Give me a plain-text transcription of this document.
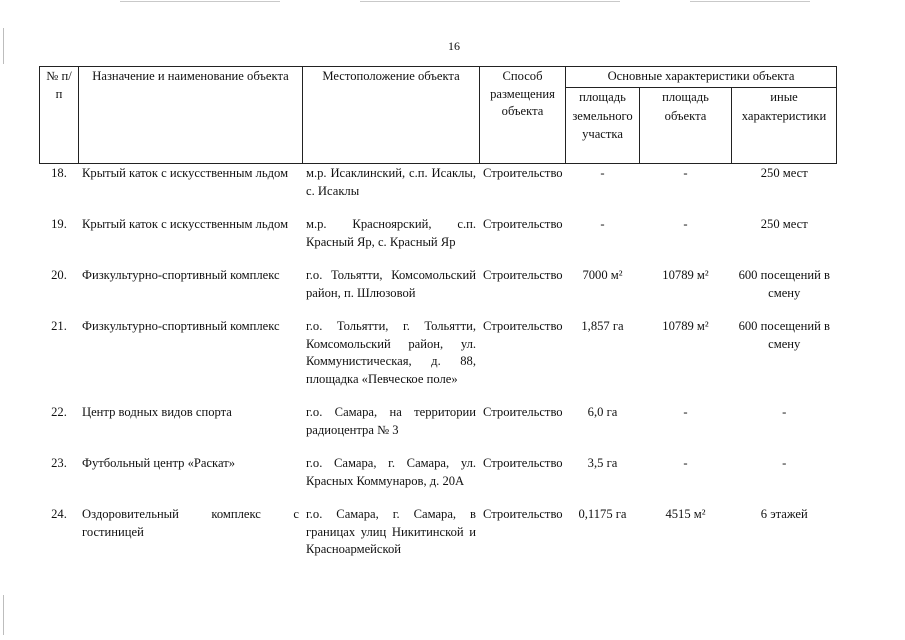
16
№ п/п	Назначение и наименование объекта	Местоположение объекта	Способ размещения объекта	Основные характеристики объекта		
				площадь земельного участка	площадь объекта	иные характеристики
18.	Крытый каток с искусственным льдом	м.р. Исаклинский, с.п. Исаклы, с. Исаклы	Строительство	-	-	250 мест
19.	Крытый каток с искусственным льдом	м.р. Красноярский, с.п. Красный Яр, с. Красный Яр	Строительство	-	-	250 мест
20.	Физкультурно-спортивный комплекс	г.о. Тольятти, Комсомольский район, п. Шлюзовой	Строительство	7000 м²	10789 м²	600 посещений в смену
21.	Физкультурно-спортивный комплекс	г.о. Тольятти, г. Тольятти, Комсомольский район, ул. Коммунистическая, д. 88, площадка «Певческое поле»	Строительство	1,857 га	10789 м²	600 посещений в смену
22.	Центр водных видов спорта	г.о. Самара, на территории радиоцентра № 3	Строительство	6,0 га	-	-
23.	Футбольный центр «Раскат»	г.о. Самара, г. Самара, ул. Красных Коммунаров, д. 20А	Строительство	3,5 га	-	-
24.	Оздоровительный комплекс с гостиницей	г.о. Самара, г. Самара, в границах улиц Никитинской и Красноармейской	Строительство	0,1175 га	4515 м²	6 этажей
